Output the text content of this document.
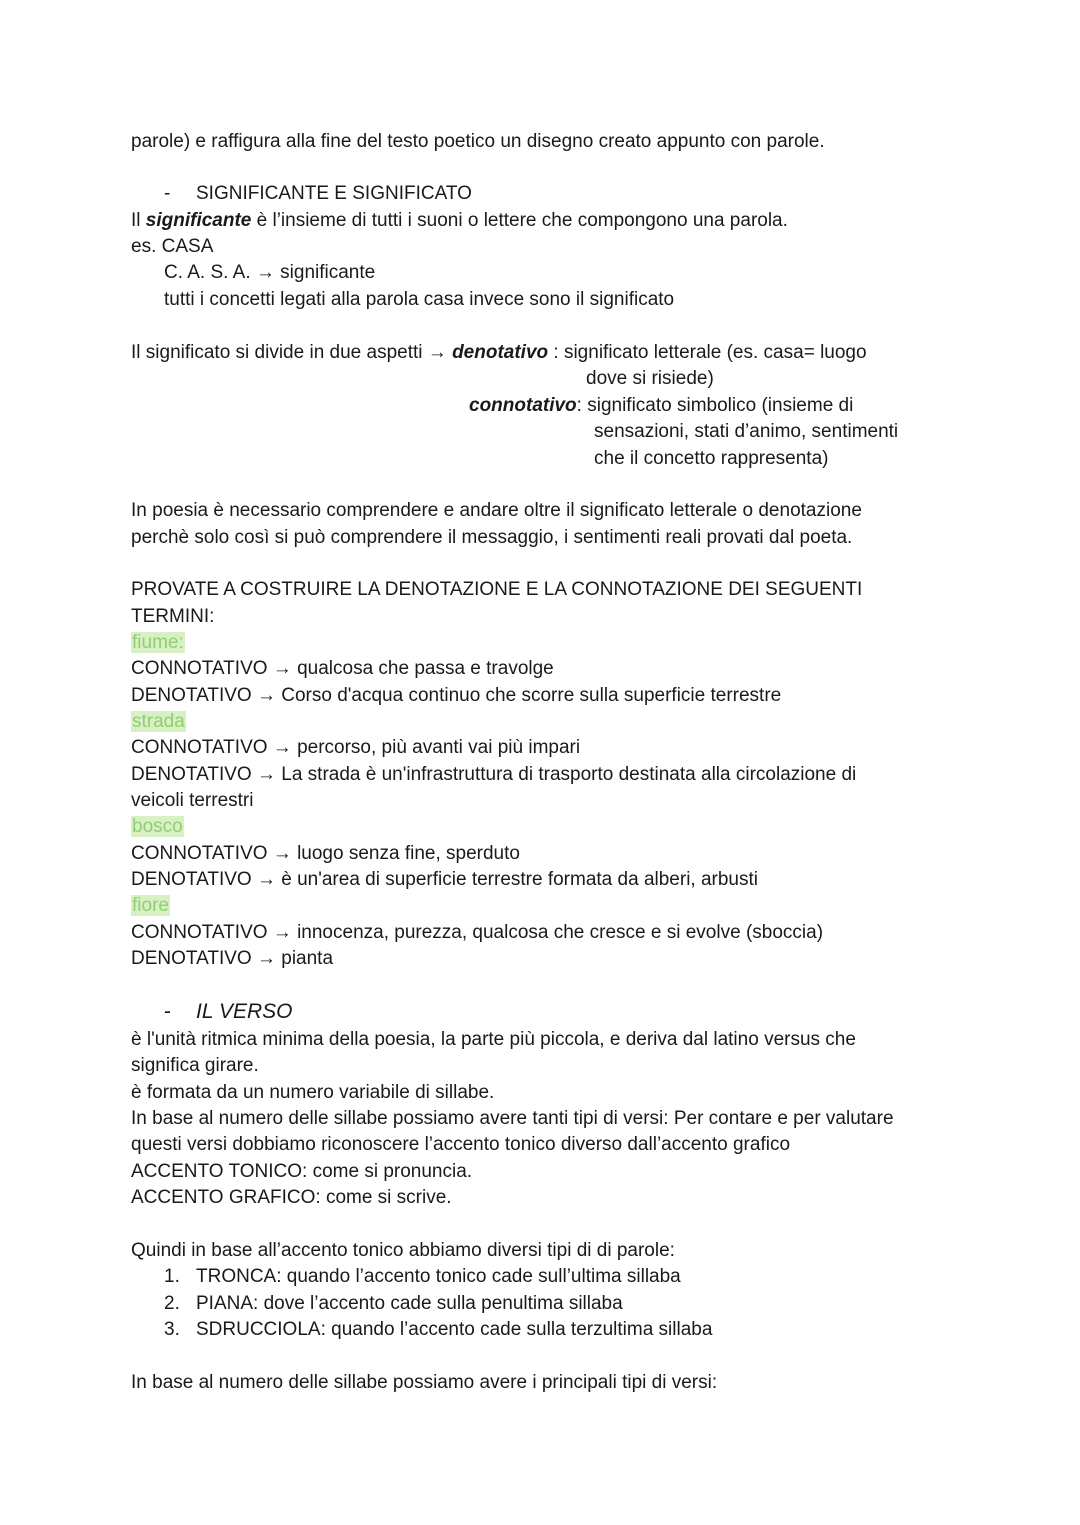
parole) e raffigura alla fine del testo poetico un disegno creato appunto con parole.
- SIGNIFICANTE E SIGNIFICATO
Il significante è l’insieme di tutti i suoni o lettere che compongono una parola.
es. CASA
C. A. S. A. → significante
tutti i concetti legati alla parola casa invece sono il significato
Il significato si divide in due aspetti → denotativo : significato letterale (es. casa= luogo
dove si risiede)
connotativo: significato simbolico (insieme di
sensazioni, stati d’animo, sentimenti
che il concetto rappresenta)
In poesia è necessario comprendere e andare oltre il significato letterale o denotazione
perchè solo così si può comprendere il messaggio, i sentimenti reali provati dal poeta.
PROVATE A COSTRUIRE LA DENOTAZIONE E LA CONNOTAZIONE DEI SEGUENTI
TERMINI:
fiume:
CONNOTATIVO → qualcosa che passa e travolge
DENOTATIVO → Corso d'acqua continuo che scorre sulla superficie terrestre
strada
CONNOTATIVO → percorso, più avanti vai più impari
DENOTATIVO → La strada è un'infrastruttura di trasporto destinata alla circolazione di
veicoli terrestri
bosco
CONNOTATIVO → luogo senza fine, sperduto
DENOTATIVO → è un'area di superficie terrestre formata da alberi, arbusti
fiore
CONNOTATIVO → innocenza, purezza, qualcosa che cresce e si evolve (sboccia)
DENOTATIVO → pianta
- IL VERSO
è l'unità ritmica minima della poesia, la parte più piccola, e deriva dal latino versus che
significa girare.
è formata da un numero variabile di sillabe.
In base al numero delle sillabe possiamo avere tanti tipi di versi: Per contare e per valutare
questi versi dobbiamo riconoscere l’accento tonico diverso dall’accento grafico
ACCENTO TONICO: come si pronuncia.
ACCENTO GRAFICO: come si scrive.
Quindi in base all’accento tonico abbiamo diversi tipi di di parole:
1. TRONCA: quando l’accento tonico cade sull’ultima sillaba
2. PIANA: dove l’accento cade sulla penultima sillaba
3. SDRUCCIOLA: quando l’accento cade sulla terzultima sillaba
In base al numero delle sillabe possiamo avere i principali tipi di versi:
